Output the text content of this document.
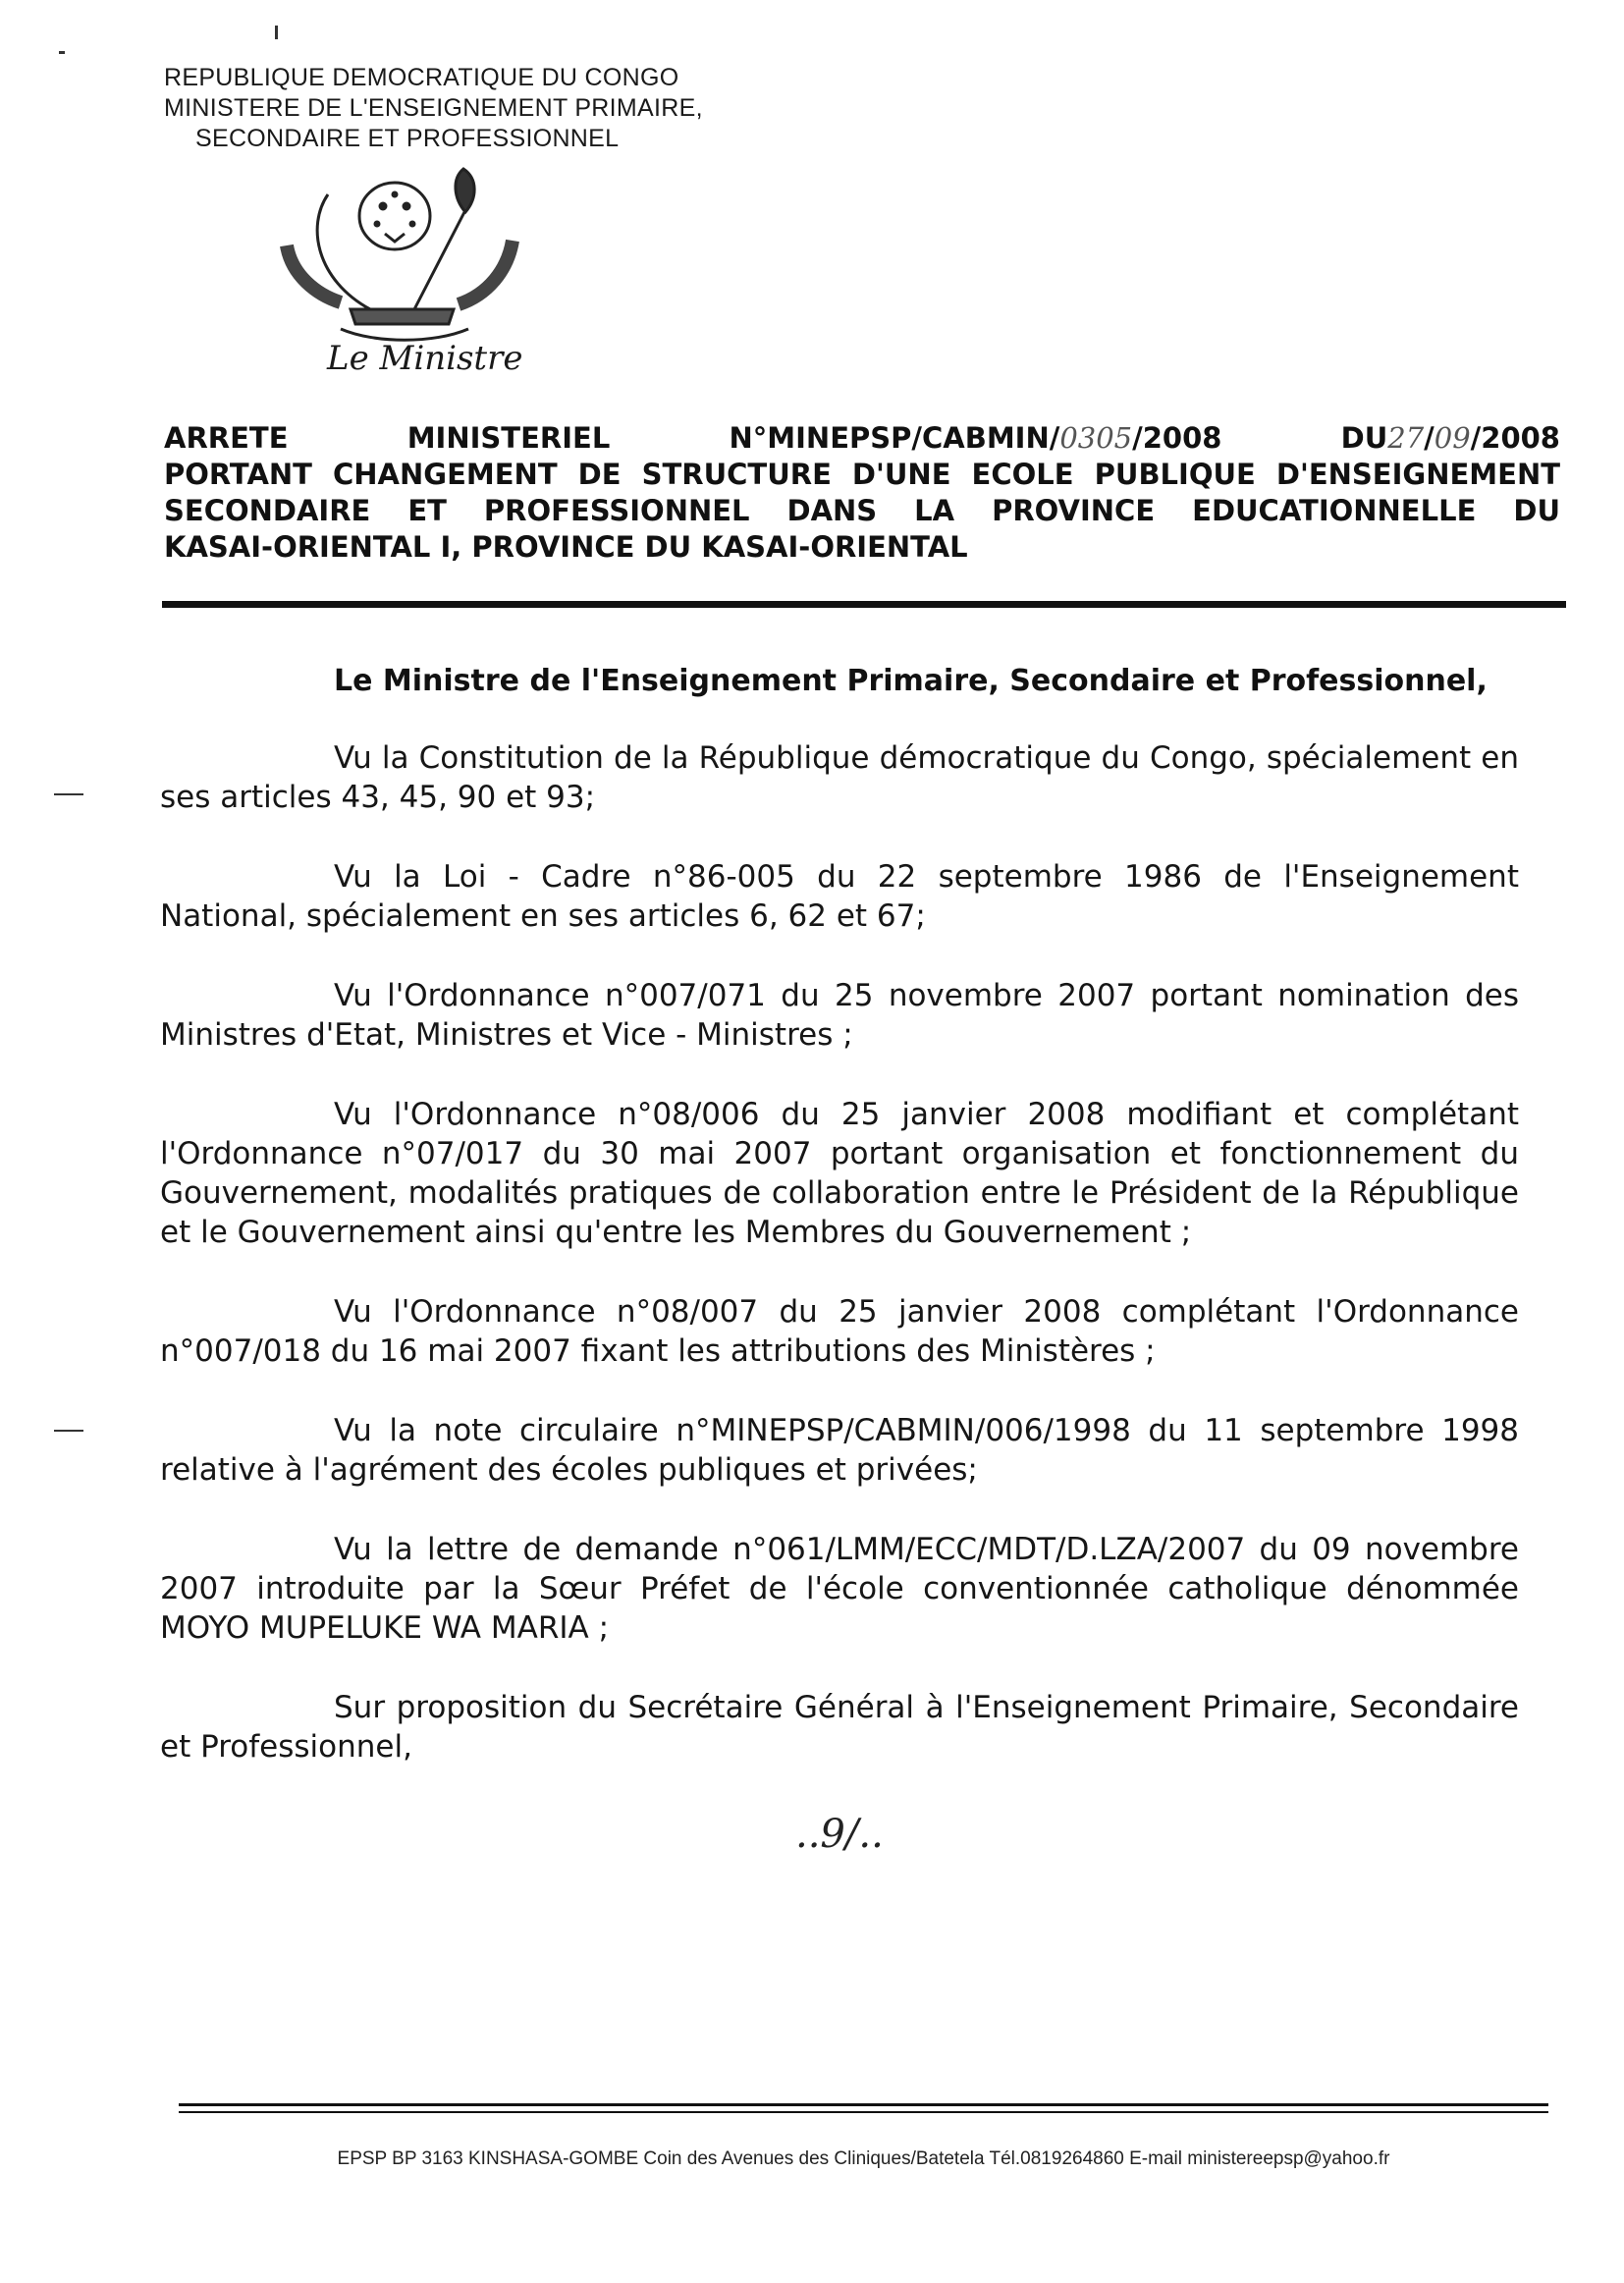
REPUBLIQUE DEMOCRATIQUE DU CONGO
MINISTERE DE L'ENSEIGNEMENT PRIMAIRE,
SECONDAIRE ET PROFESSIONNEL
Le Ministre
ARRETE	MINISTERIEL	N°MINEPSP/CABMIN/0305/2008	DU27/09/2008
PORTANT CHANGEMENT DE STRUCTURE D'UNE ECOLE PUBLIQUE D'ENSEIGNEMENT
SECONDAIRE ET PROFESSIONNEL DANS LA PROVINCE EDUCATIONNELLE DU
KASAI-ORIENTAL I, PROVINCE DU KASAI-ORIENTAL
Le Ministre de l'Enseignement Primaire, Secondaire et Professionnel,

Vu la Constitution de la République démocratique du Congo, spécialement en ses articles 43, 45, 90 et 93;

Vu la Loi - Cadre n°86-005 du 22 septembre 1986 de l'Enseignement National, spécialement en ses articles 6, 62 et 67;

Vu l'Ordonnance n°007/071 du 25 novembre 2007 portant nomination des Ministres d'Etat, Ministres et Vice - Ministres ;

Vu l'Ordonnance n°08/006 du 25 janvier 2008 modifiant et complétant l'Ordonnance n°07/017 du 30 mai 2007 portant organisation et fonctionnement du Gouvernement, modalités pratiques de collaboration entre le Président de la République et le Gouvernement ainsi qu'entre les Membres du Gouvernement ;

Vu l'Ordonnance n°08/007 du 25 janvier 2008 complétant l'Ordonnance n°007/018 du 16 mai 2007 fixant les attributions des Ministères ;

Vu la note circulaire n°MINEPSP/CABMIN/006/1998 du 11 septembre 1998 relative à l'agrément des écoles publiques et privées;

Vu la lettre de demande n°061/LMM/ECC/MDT/D.LZA/2007 du 09 novembre 2007 introduite par la Sœur Préfet de l'école conventionnée catholique dénommée MOYO MUPELUKE WA MARIA ;

Sur proposition du Secrétaire Général à l'Enseignement Primaire, Secondaire et Professionnel,

..9/..
EPSP BP 3163 KINSHASA-GOMBE Coin des Avenues des Cliniques/Batetela Tél.0819264860 E-mail ministereepsp@yahoo.fr
